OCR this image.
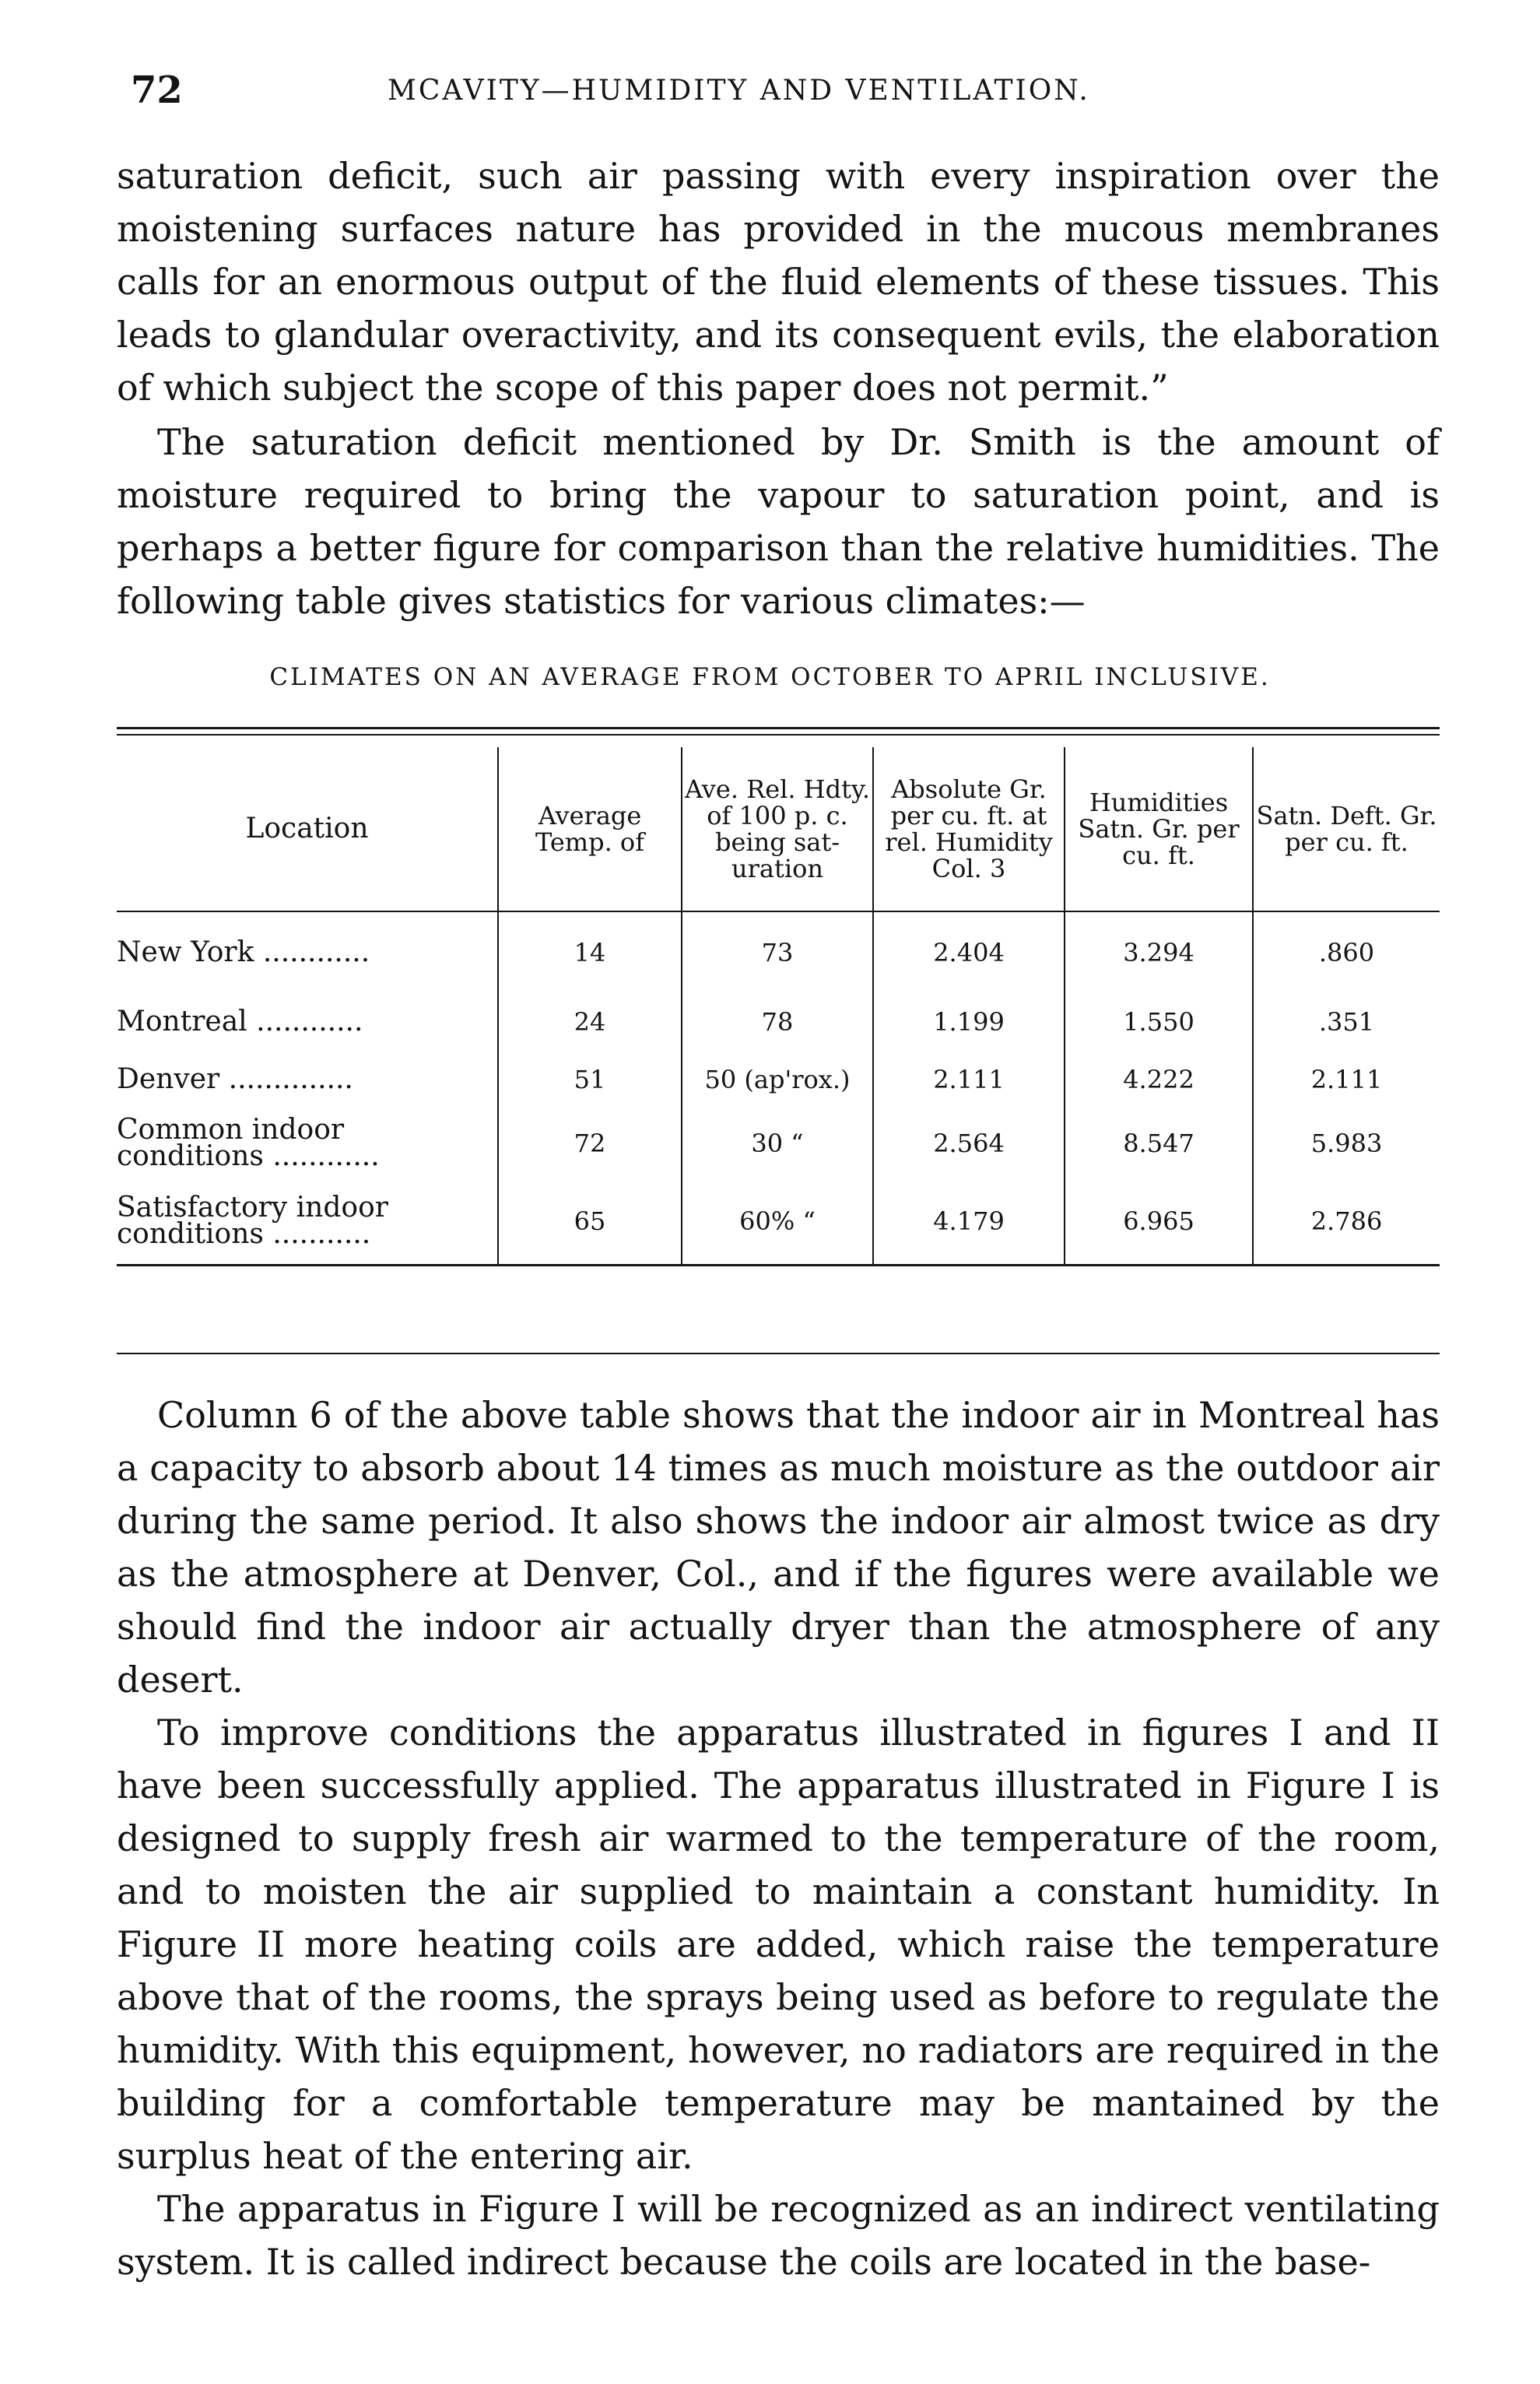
72	MCAVITY—HUMIDITY AND VENTILATION.

saturation deficit, such air passing with every inspiration over the moistening surfaces nature has provided in the mucous membranes calls for an enormous output of the fluid elements of these tissues. This leads to glandular overactivity, and its consequent evils, the elaboration of which subject the scope of this paper does not permit.”

The saturation deficit mentioned by Dr. Smith is the amount of moisture required to bring the vapour to saturation point, and is perhaps a better figure for comparison than the relative humidities. The following table gives statistics for various climates:—

CLIMATES ON AN AVERAGE FROM OCTOBER TO APRIL INCLUSIVE.
Location	Average Temp. of	Ave. Rel. Hdty. of 100 p. c. being sat-uration	Absolute Gr. per cu. ft. at rel. Humidity Col. 3	Humidities Satn. Gr. per cu. ft.	Satn. Deft. Gr. per cu. ft.
New York ............	14	73	2.404	3.294	.860
Montreal ............	24	78	1.199	1.550	.351
Denver ..............	51	50 (ap'rox.)	2.111	4.222	2.111
Common indoor conditions ............	72	30 “	2.564	8.547	5.983
Satisfactory indoor conditions ...........	65	60% “	4.179	6.965	2.786

Column 6 of the above table shows that the indoor air in Montreal has a capacity to absorb about 14 times as much moisture as the outdoor air during the same period. It also shows the indoor air almost twice as dry as the atmosphere at Denver, Col., and if the figures were available we should find the indoor air actually dryer than the atmosphere of any desert.

To improve conditions the apparatus illustrated in figures I and II have been successfully applied. The apparatus illustrated in Figure I is designed to supply fresh air warmed to the temperature of the room, and to moisten the air supplied to maintain a constant humidity. In Figure II more heating coils are added, which raise the temperature above that of the rooms, the sprays being used as before to regulate the humidity. With this equipment, however, no radiators are required in the building for a comfortable temperature may be mantained by the surplus heat of the entering air.

The apparatus in Figure I will be recognized as an indirect ventilating system. It is called indirect because the coils are located in the base-
